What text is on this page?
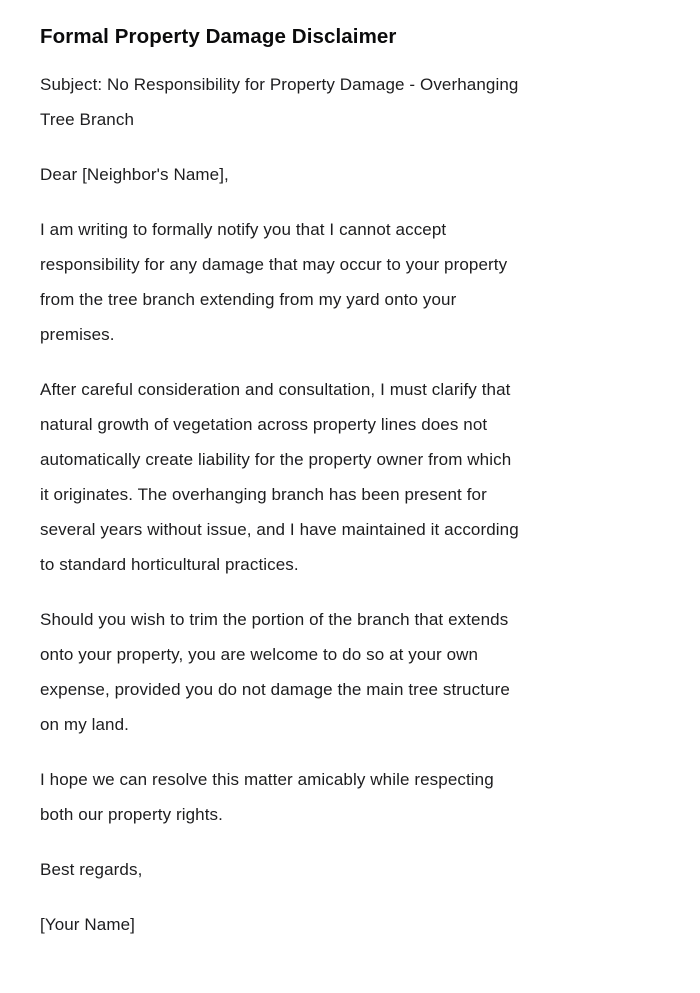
Formal Property Damage Disclaimer
Subject: No Responsibility for Property Damage - Overhanging
Tree Branch
Dear [Neighbor's Name],
I am writing to formally notify you that I cannot accept
responsibility for any damage that may occur to your property
from the tree branch extending from my yard onto your
premises.
After careful consideration and consultation, I must clarify that
natural growth of vegetation across property lines does not
automatically create liability for the property owner from which
it originates. The overhanging branch has been present for
several years without issue, and I have maintained it according
to standard horticultural practices.
Should you wish to trim the portion of the branch that extends
onto your property, you are welcome to do so at your own
expense, provided you do not damage the main tree structure
on my land.
I hope we can resolve this matter amicably while respecting
both our property rights.
Best regards,
[Your Name]
